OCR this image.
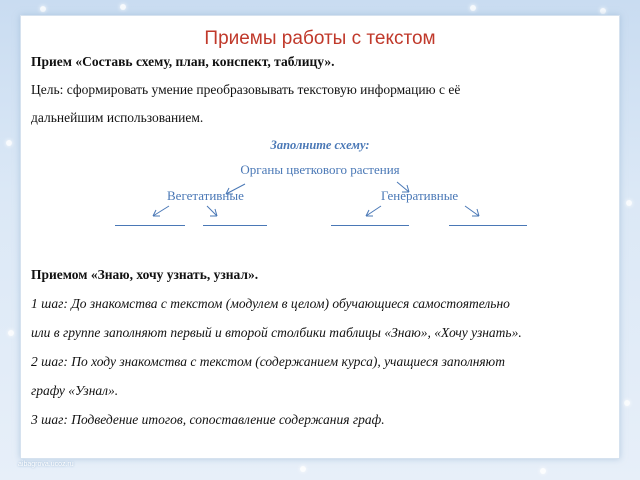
Приемы работы с текстом
Прием «Составь схему, план, конспект, таблицу».
Цель: сформировать умение преобразовывать текстовую информацию с её
дальнейшим использованием.
Заполните схему:
Органы цветкового растения
Вегетативные	Генеративные
Приемом «Знаю, хочу узнать, узнал».
1 шаг: До знакомства с текстом (модулем в целом) обучающиеся самостоятельно
или в группе заполняют первый и второй столбики таблицы «Знаю», «Хочу узнать».
2 шаг: По ходу знакомства с текстом (содержанием курса), учащиеся заполняют
графу «Узнал».
3 шаг: Подведение итогов, сопоставление содержания граф.
aibagrova.ucoz.ru
